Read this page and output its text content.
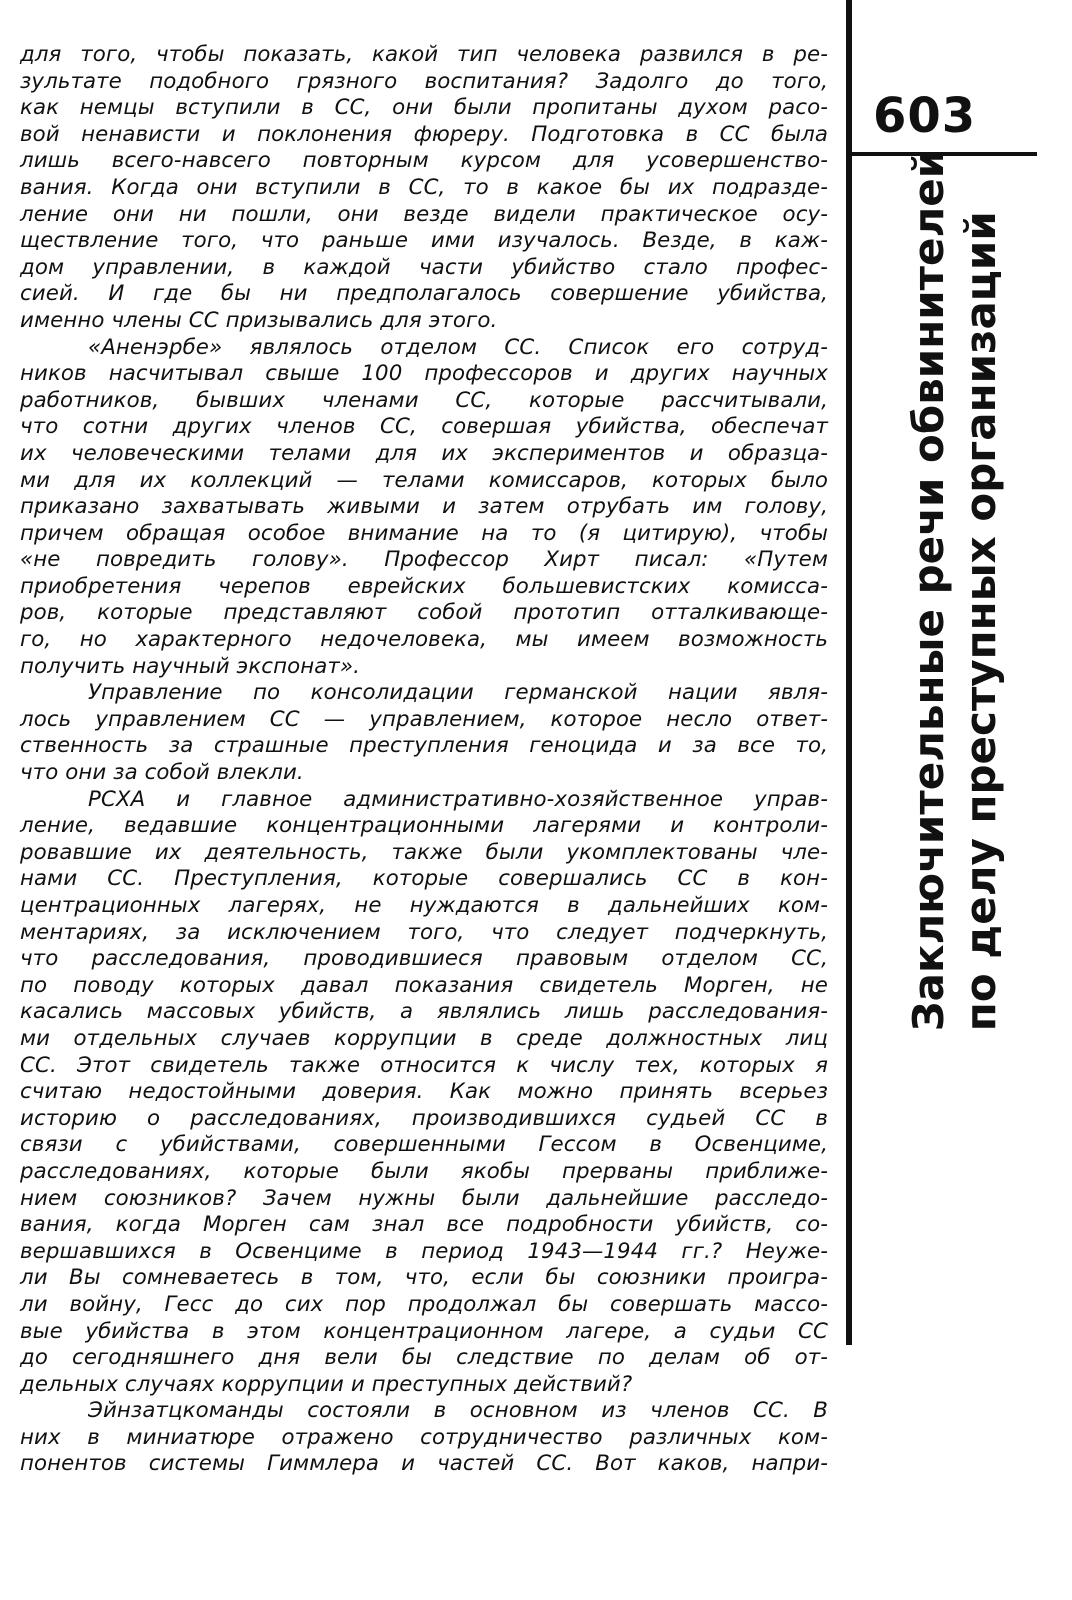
для того, чтобы показать, какой тип человека развился в ре-
зультате подобного грязного воспитания? Задолго до того,
как немцы вступили в СС, они были пропитаны духом расо-
вой ненависти и поклонения фюреру. Подготовка в СС была
лишь всего-навсего повторным курсом для усовершенство-
вания. Когда они вступили в СС, то в какое бы их подразде-
ление они ни пошли, они везде видели практическое осу-
ществление того, что раньше ими изучалось. Везде, в каж-
дом управлении, в каждой части убийство стало профес-
сией. И где бы ни предполагалось совершение убийства,
именно члены СС призывались для этого.
«Аненэрбе» являлось отделом СС. Список его сотруд-
ников насчитывал свыше 100 профессоров и других научных
работников, бывших членами СС, которые рассчитывали,
что сотни других членов СС, совершая убийства, обеспечат
их человеческими телами для их экспериментов и образца-
ми для их коллекций — телами комиссаров, которых было
приказано захватывать живыми и затем отрубать им голову,
причем обращая особое внимание на то (я цитирую), чтобы
«не повредить голову». Профессор Хирт писал: «Путем
приобретения черепов еврейских большевистских комисса-
ров, которые представляют собой прототип отталкивающе-
го, но характерного недочеловека, мы имеем возможность
получить научный экспонат».
Управление по консолидации германской нации явля-
лось управлением СС — управлением, которое несло ответ-
ственность за страшные преступления геноцида и за все то,
что они за собой влекли.
РСХА и главное административно-хозяйственное управ-
ление, ведавшие концентрационными лагерями и контроли-
ровавшие их деятельность, также были укомплектованы чле-
нами СС. Преступления, которые совершались СС в кон-
центрационных лагерях, не нуждаются в дальнейших ком-
ментариях, за исключением того, что следует подчеркнуть,
что расследования, проводившиеся правовым отделом СС,
по поводу которых давал показания свидетель Морген, не
касались массовых убийств, а являлись лишь расследования-
ми отдельных случаев коррупции в среде должностных лиц
СС. Этот свидетель также относится к числу тех, которых я
считаю недостойными доверия. Как можно принять всерьез
историю о расследованиях, производившихся судьей СС в
связи с убийствами, совершенными Гессом в Освенциме,
расследованиях, которые были якобы прерваны приближе-
нием союзников? Зачем нужны были дальнейшие расследо-
вания, когда Морген сам знал все подробности убийств, со-
вершавшихся в Освенциме в период 1943—1944 гг.? Неуже-
ли Вы сомневаетесь в том, что, если бы союзники проигра-
ли войну, Гесс до сих пор продолжал бы совершать массо-
вые убийства в этом концентрационном лагере, а судьи СС
до сегодняшнего дня вели бы следствие по делам об от-
дельных случаях коррупции и преступных действий?
Эйнзатцкоманды состояли в основном из членов СС. В
них в миниатюре отражено сотрудничество различных ком-
понентов системы Гиммлера и частей СС. Вот каков, напри-
603
Заключительные речи обвинителей по делу преступных организаций
